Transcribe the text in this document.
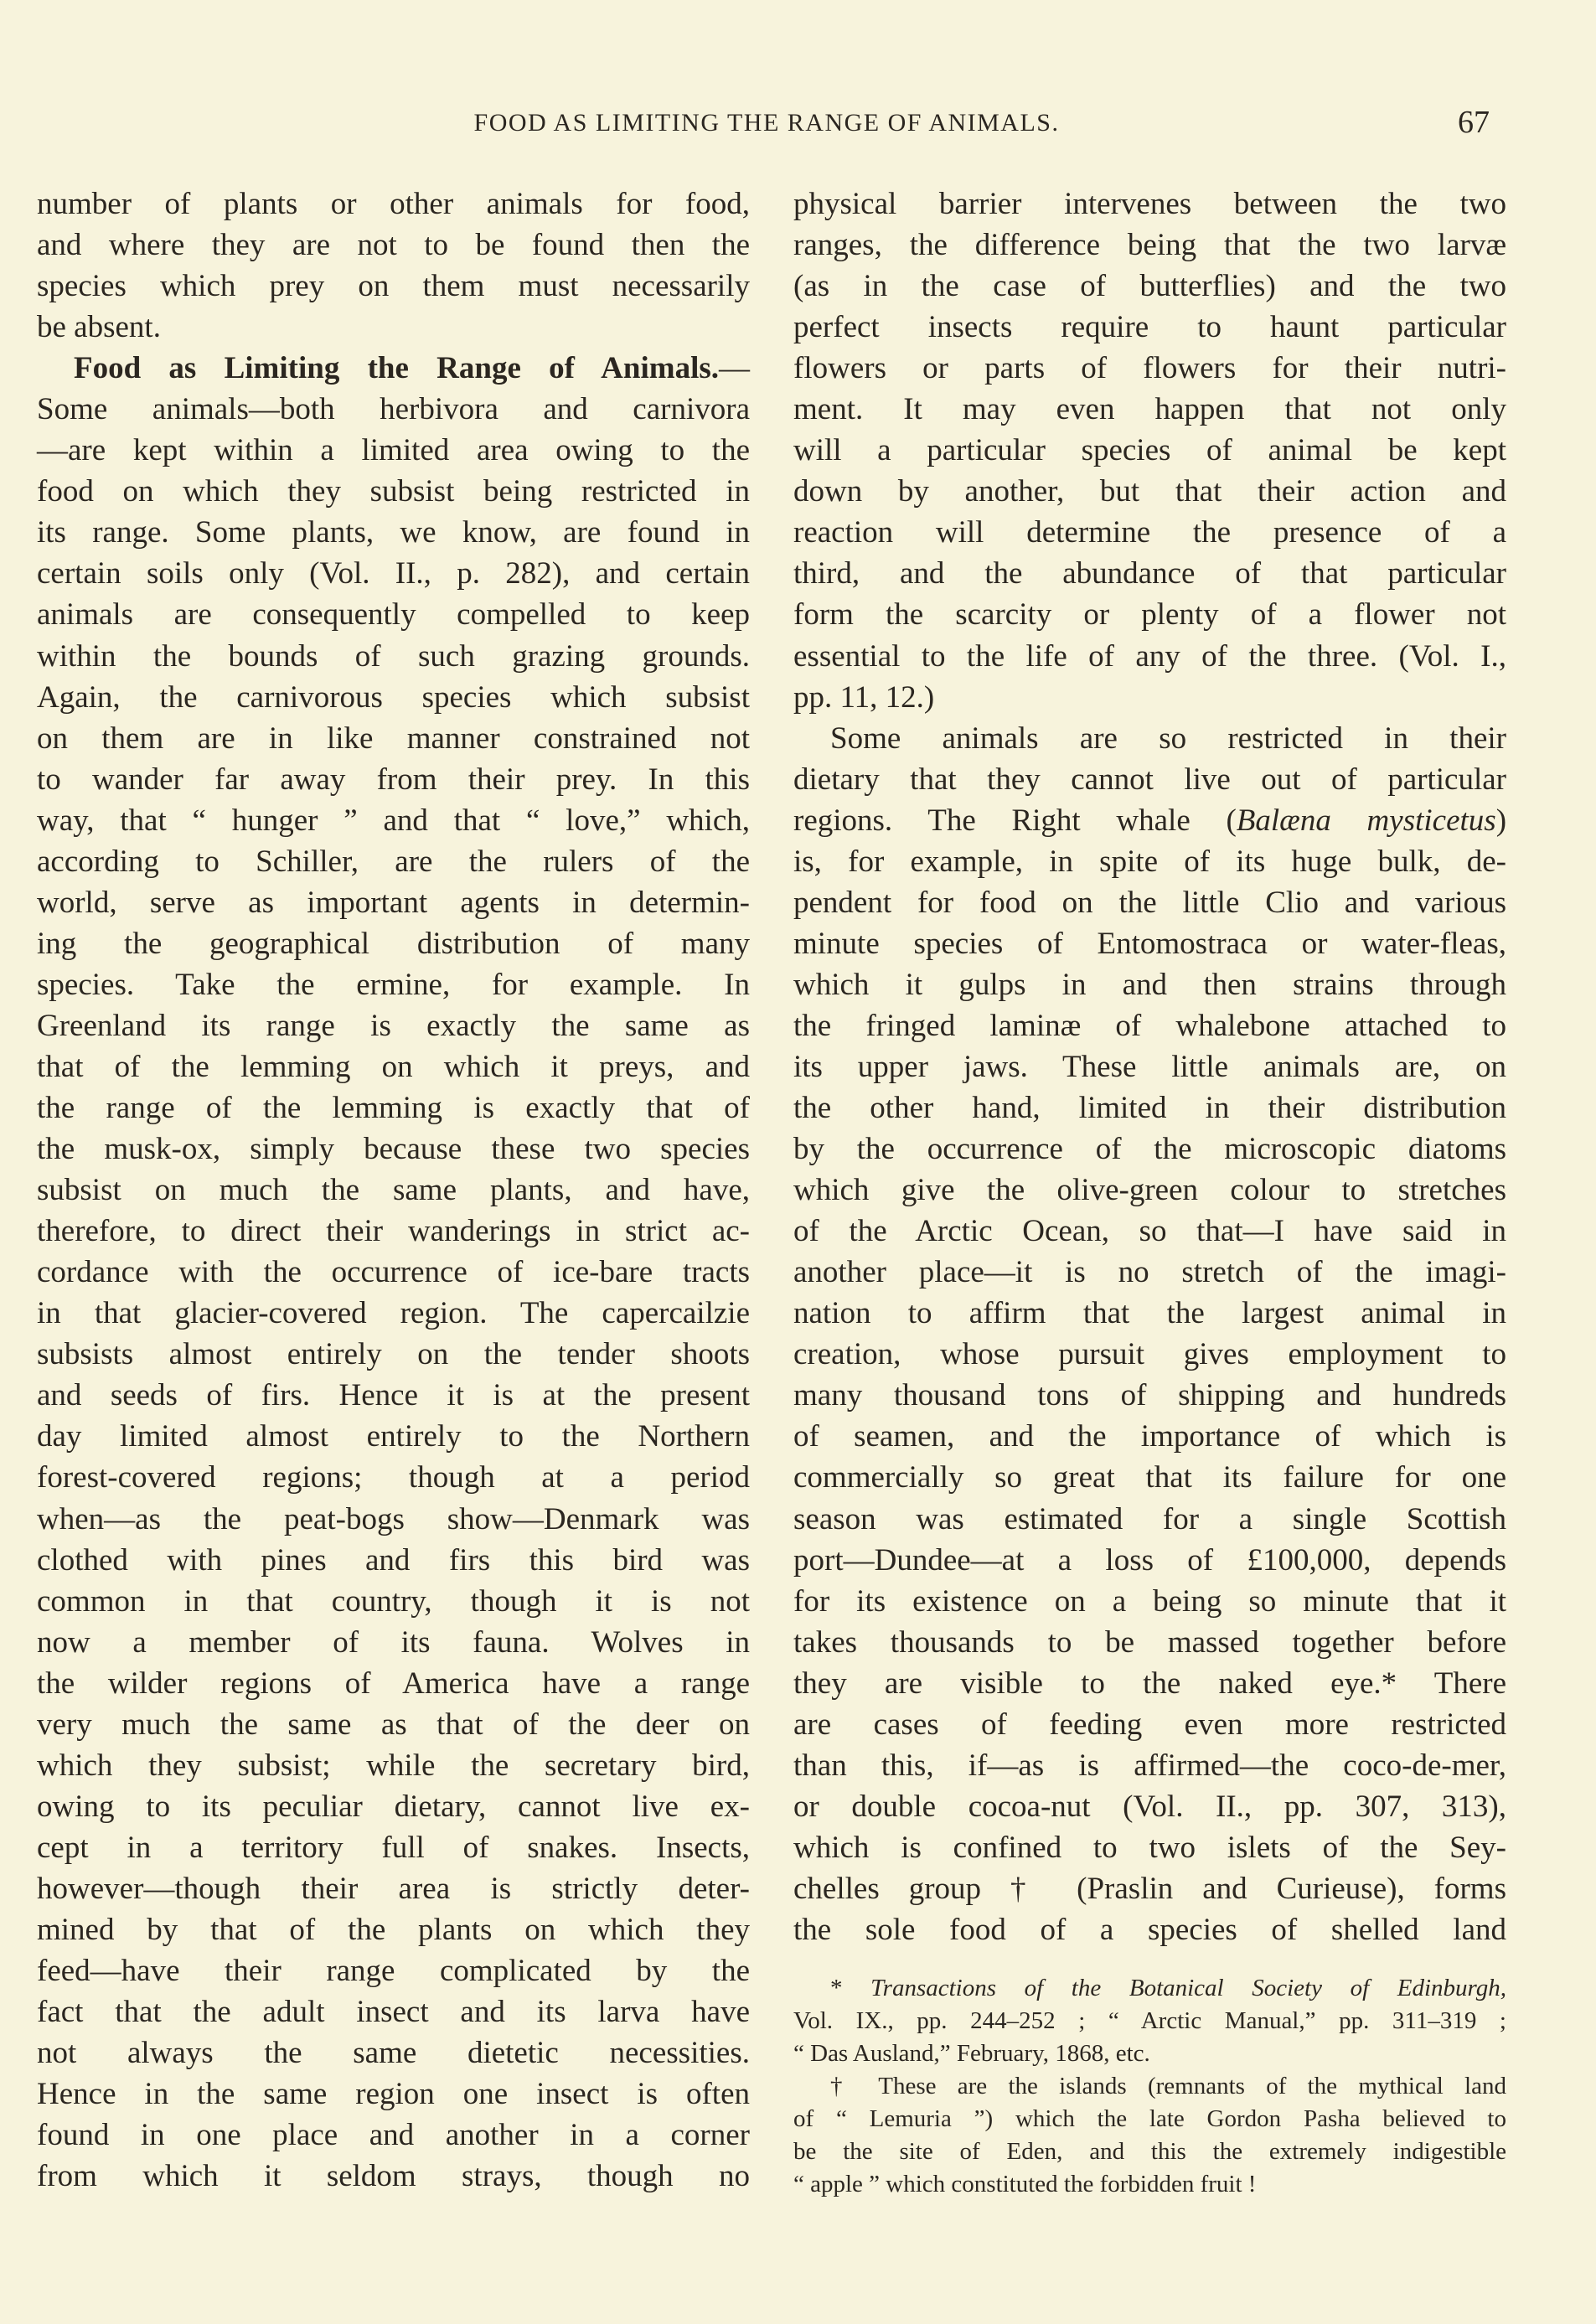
FOOD AS LIMITING THE RANGE OF ANIMALS.	67
number of plants or other animals for food,
and where they are not to be found then the
species which prey on them must necessarily
be absent.
Food as Limiting the Range of Animals.—
Some animals—both herbivora and carnivora
—are kept within a limited area owing to the
food on which they subsist being restricted in
its range. Some plants, we know, are found in
certain soils only (Vol. II., p. 282), and certain
animals are consequently compelled to keep
within the bounds of such grazing grounds.
Again, the carnivorous species which subsist
on them are in like manner constrained not
to wander far away from their prey. In this
way, that “ hunger ” and that “ love,” which,
according to Schiller, are the rulers of the
world, serve as important agents in determin-
ing the geographical distribution of many
species. Take the ermine, for example. In
Greenland its range is exactly the same as
that of the lemming on which it preys, and
the range of the lemming is exactly that of
the musk-ox, simply because these two species
subsist on much the same plants, and have,
therefore, to direct their wanderings in strict ac-
cordance with the occurrence of ice-bare tracts
in that glacier-covered region. The capercailzie
subsists almost entirely on the tender shoots
and seeds of firs. Hence it is at the present
day limited almost entirely to the Northern
forest-covered regions; though at a period
when—as the peat-bogs show—Denmark was
clothed with pines and firs this bird was
common in that country, though it is not
now a member of its fauna. Wolves in
the wilder regions of America have a range
very much the same as that of the deer on
which they subsist; while the secretary bird,
owing to its peculiar dietary, cannot live ex-
cept in a territory full of snakes. Insects,
however—though their area is strictly deter-
mined by that of the plants on which they
feed—have their range complicated by the
fact that the adult insect and its larva have
not always the same dietetic necessities.
Hence in the same region one insect is often
found in one place and another in a corner
from which it seldom strays, though no
physical barrier intervenes between the two
ranges, the difference being that the two larvæ
(as in the case of butterflies) and the two
perfect insects require to haunt particular
flowers or parts of flowers for their nutri-
ment. It may even happen that not only
will a particular species of animal be kept
down by another, but that their action and
reaction will determine the presence of a
third, and the abundance of that particular
form the scarcity or plenty of a flower not
essential to the life of any of the three. (Vol. I.,
pp. 11, 12.)
Some animals are so restricted in their
dietary that they cannot live out of particular
regions. The Right whale (Balæna mysticetus)
is, for example, in spite of its huge bulk, de-
pendent for food on the little Clio and various
minute species of Entomostraca or water-fleas,
which it gulps in and then strains through
the fringed laminæ of whalebone attached to
its upper jaws. These little animals are, on
the other hand, limited in their distribution
by the occurrence of the microscopic diatoms
which give the olive-green colour to stretches
of the Arctic Ocean, so that—I have said in
another place—it is no stretch of the imagi-
nation to affirm that the largest animal in
creation, whose pursuit gives employment to
many thousand tons of shipping and hundreds
of seamen, and the importance of which is
commercially so great that its failure for one
season was estimated for a single Scottish
port—Dundee—at a loss of £100,000, depends
for its existence on a being so minute that it
takes thousands to be massed together before
they are visible to the naked eye.* There
are cases of feeding even more restricted
than this, if—as is affirmed—the coco-de-mer,
or double cocoa-nut (Vol. II., pp. 307, 313),
which is confined to two islets of the Sey-
chelles group † (Praslin and Curieuse), forms
the sole food of a species of shelled land
* Transactions of the Botanical Society of Edinburgh,
Vol. IX., pp. 244–252 ; “ Arctic Manual,” pp. 311–319 ;
“ Das Ausland,” February, 1868, etc.
† These are the islands (remnants of the mythical land
of “ Lemuria ”) which the late Gordon Pasha believed to
be the site of Eden, and this the extremely indigestible
“ apple ” which constituted the forbidden fruit !
